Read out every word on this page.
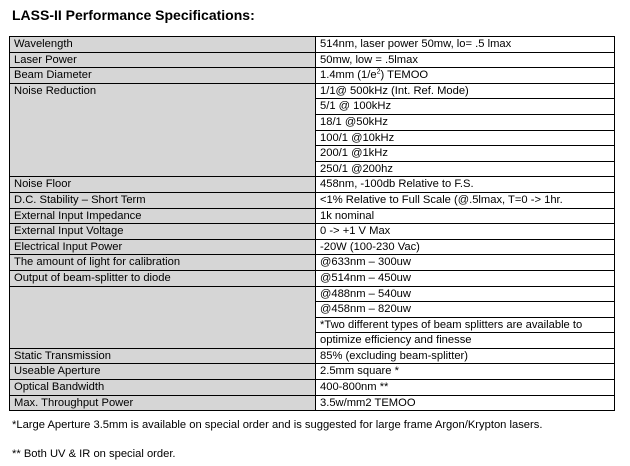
LASS-II Performance Specifications:
Wavelength	514nm, laser power 50mw, lo= .5 lmax
Laser Power	50mw, low = .5lmax
Beam Diameter	1.4mm $(1/e^2)$ TEMOO
Noise Reduction	1/1@ 500kHz (Int. Ref. Mode)
	5/1 @ 100kHz
	18/1 @50kHz
	100/1 @10kHz
	200/1 @1kHz
	250/1 @200hz
Noise Floor	458nm, -100db Relative to F.S.
D.C. Stability – Short Term	<1% Relative to Full Scale (@.5lmax, T=0 -> 1hr.
External Input Impedance	1k nominal
External Input Voltage	0 -> +1 V Max
Electrical Input Power	-20W (100-230 Vac)
The amount of light for calibration	@633nm – 300uw
Output of beam-splitter to diode	@514nm – 450uw
	@488nm – 540uw
	@458nm – 820uw
	*Two different types of beam splitters are available to
	optimize efficiency and finesse
Static Transmission	85% (excluding beam-splitter)
Useable Aperture	2.5mm square *
Optical Bandwidth	400-800nm **
Max. Throughput Power	3.5w/mm2 TEMOO
*Large Aperture 3.5mm is available on special order and is suggested for large frame Argon/Krypton lasers.
** Both UV & IR on special order.
